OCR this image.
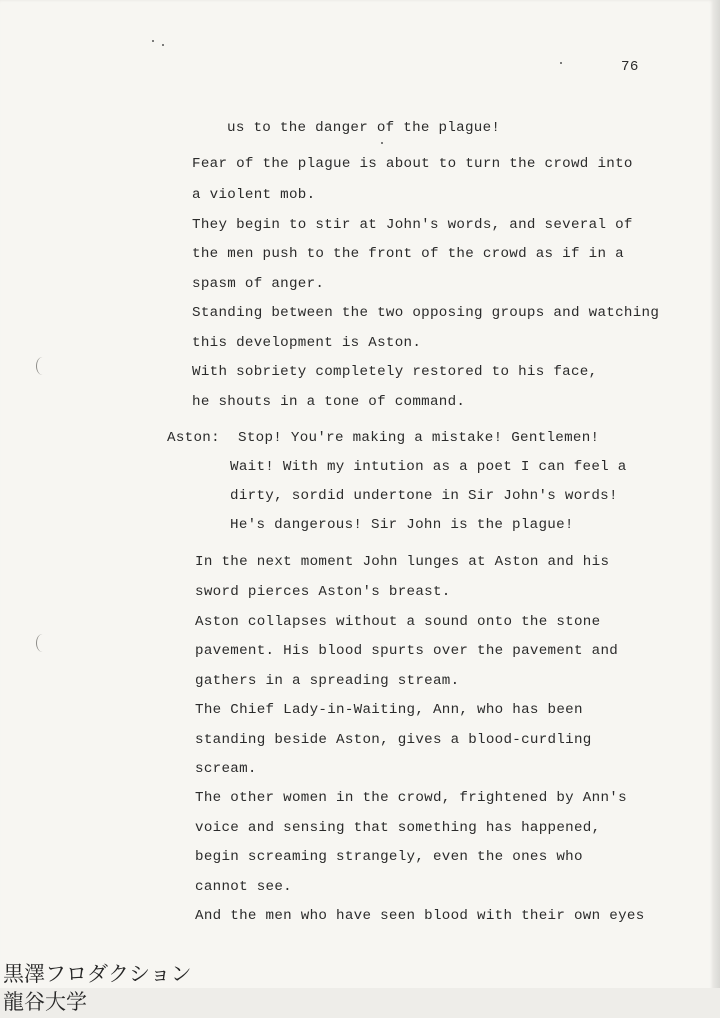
76
us to the danger of the plague!
Fear of the plague is about to turn the crowd into
a violent mob.
They begin to stir at John's words, and several of
the men push to the front of the crowd as if in a
spasm of anger.
Standing between the two opposing groups and watching
this development is Aston.
With sobriety completely restored to his face,
he shouts in a tone of command.
Aston: Stop! You're making a mistake! Gentlemen!
Wait! With my intution as a poet I can feel a
dirty, sordid undertone in Sir John's words!
He's dangerous! Sir John is the plague!
In the next moment John lunges at Aston and his
sword pierces Aston's breast.
Aston collapses without a sound onto the stone
pavement. His blood spurts over the pavement and
gathers in a spreading stream.
The Chief Lady-in-Waiting, Ann, who has been
standing beside Aston, gives a blood-curdling
scream.
The other women in the crowd, frightened by Ann's
voice and sensing that something has happened,
begin screaming strangely, even the ones who
cannot see.
And the men who have seen blood with their own eyes
黒澤フロダクション
龍谷大学
